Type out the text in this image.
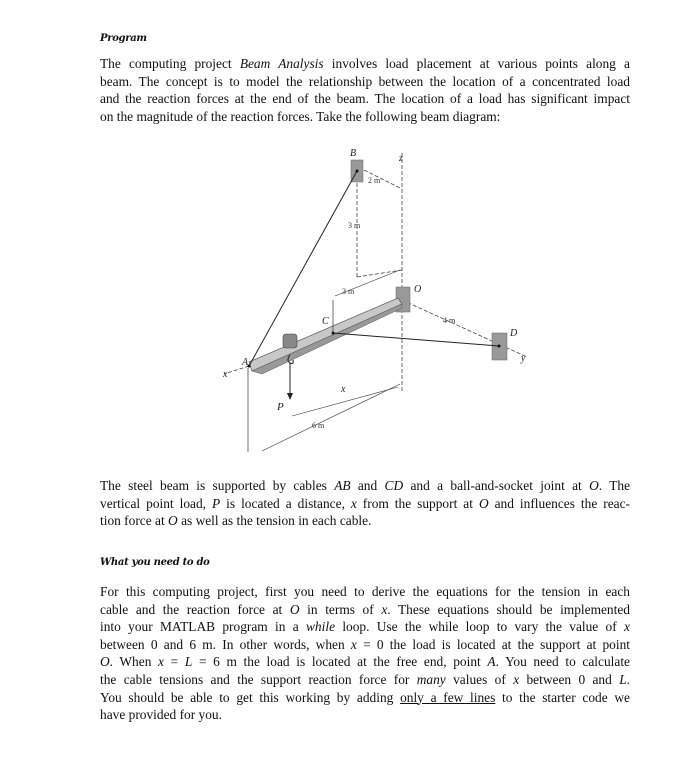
Program
The computing project Beam Analysis involves load placement at various points along a
beam. The concept is to model the relationship between the location of a concentrated load
and the reaction forces at the end of the beam. The location of a load has significant impact
on the magnitude of the reaction forces. Take the following beam diagram:
B	z
O
A
C
D
P
x
y
x
2 m
3 m
3 m
4 m
6 m
The steel beam is supported by cables AB and CD and a ball-and-socket joint at O. The
vertical point load, P is located a distance, x from the support at O and influences the reac-
tion force at O as well as the tension in each cable.
What you need to do
For this computing project, first you need to derive the equations for the tension in each
cable and the reaction force at O in terms of x. These equations should be implemented
into your MATLAB program in a while loop. Use the while loop to vary the value of x
between 0 and 6 m. In other words, when x = 0 the load is located at the support at point
O. When x = L = 6 m the load is located at the free end, point A. You need to calculate
the cable tensions and the support reaction force for many values of x between 0 and L.
You should be able to get this working by adding only a few lines to the starter code we
have provided for you.
